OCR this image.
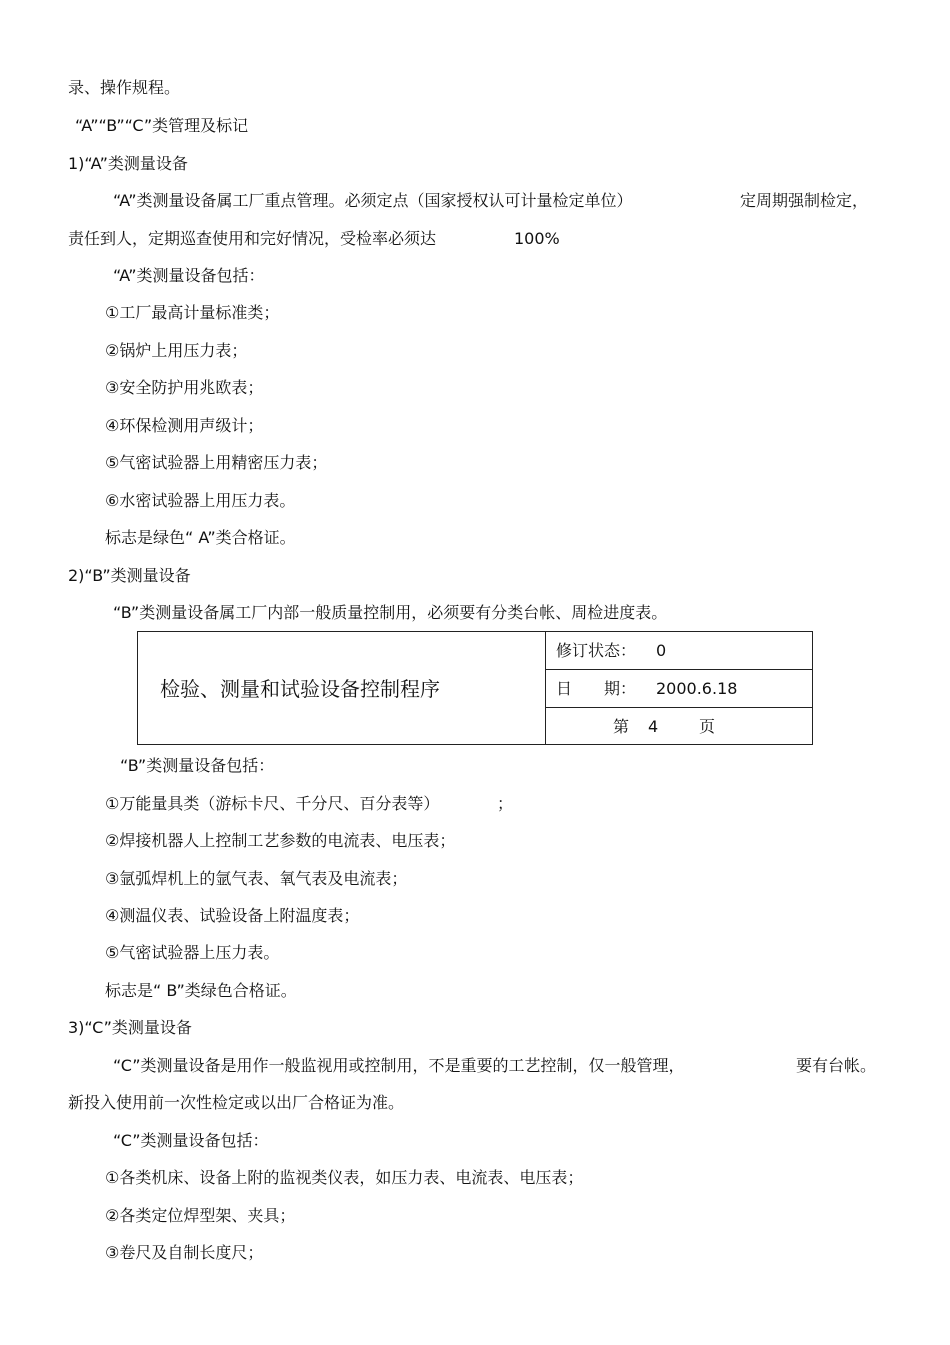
录、操作规程。
“A”“B”“C”类管理及标记
1)“A”类测量设备
“A”类测量设备属工厂重点管理。必须定点（国家授权认可计量检定单位）	定周期强制检定，
责任到人，定期巡查使用和完好情况，受检率必须达	100%
“A”类测量设备包括：
①工厂最高计量标准类；
②锅炉上用压力表；
③安全防护用兆欧表；
④环保检测用声级计；
⑤气密试验器上用精密压力表；
⑥水密试验器上用压力表。
标志是绿色“ A”类合格证。
2)“B”类测量设备
“B”类测量设备属工厂内部一般质量控制用，必须要有分类台帐、周检进度表。
检验、测量和试验设备控制程序
修订状态： 0
日　　期： 2000.6.18
第 4	页
“B”类测量设备包括：
①万能量具类（游标卡尺、千分尺、百分表等）	；
②焊接机器人上控制工艺参数的电流表、电压表；
③氩弧焊机上的氩气表、氧气表及电流表；
④测温仪表、试验设备上附温度表；
⑤气密试验器上压力表。
标志是“ B”类绿色合格证。
3)“C”类测量设备
“C”类测量设备是用作一般监视用或控制用，不是重要的工艺控制，仅一般管理，	要有台帐。
新投入使用前一次性检定或以出厂合格证为准。
“C”类测量设备包括：
①各类机床、设备上附的监视类仪表，如压力表、电流表、电压表；
②各类定位焊型架、夹具；
③卷尺及自制长度尺；
